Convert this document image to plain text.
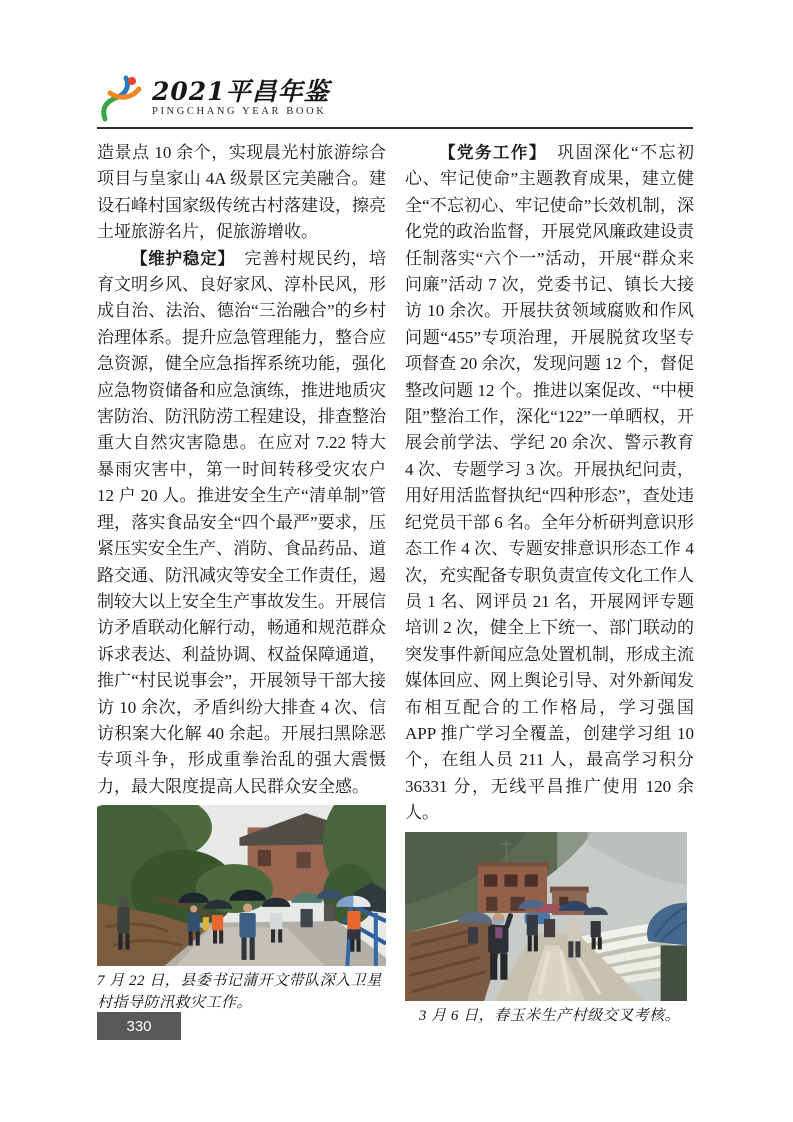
2021平昌年鉴
PINGCHANG YEAR BOOK

造景点 10 余个，实现晨光村旅游综合项目与皇家山 4A 级景区完美融合。建设石峰村国家级传统古村落建设，擦亮土垭旅游名片，促旅游增收。

【维护稳定】　完善村规民约，培育文明乡风、良好家风、淳朴民风，形成自治、法治、德治“三治融合”的乡村治理体系。提升应急管理能力，整合应急资源，健全应急指挥系统功能，强化应急物资储备和应急演练，推进地质灾害防治、防汛防涝工程建设，排查整治重大自然灾害隐患。在应对 7.22 特大暴雨灾害中，第一时间转移受灾农户 12 户 20 人。推进安全生产“清单制”管理，落实食品安全“四个最严”要求，压紧压实安全生产、消防、食品药品、道路交通、防汛减灾等安全工作责任，遏制较大以上安全生产事故发生。开展信访矛盾联动化解行动，畅通和规范群众诉求表达、利益协调、权益保障通道，推广“村民说事会”，开展领导干部大接访 10 余次，矛盾纠纷大排查 4 次、信访积案大化解 40 余起。开展扫黑除恶专项斗争，形成重拳治乱的强大震慑力，最大限度提高人民群众安全感。

7 月 22 日，县委书记蒲开文带队深入卫星村指导防汛救灾工作。

【党务工作】　巩固深化“不忘初心、牢记使命”主题教育成果，建立健全“不忘初心、牢记使命”长效机制，深化党的政治监督，开展党风廉政建设责任制落实“六个一”活动，开展“群众来问廉”活动 7 次，党委书记、镇长大接访 10 余次。开展扶贫领域腐败和作风问题“455”专项治理，开展脱贫攻坚专项督查 20 余次，发现问题 12 个，督促整改问题 12 个。推进以案促改、“中梗阻”整治工作，深化“122”一单晒权，开展会前学法、学纪 20 余次、警示教育 4 次、专题学习 3 次。开展执纪问责，用好用活监督执纪“四种形态”，查处违纪党员干部 6 名。全年分析研判意识形态工作 4 次、专题安排意识形态工作 4 次，充实配备专职负责宣传文化工作人员 1 名、网评员 21 名，开展网评专题培训 2 次，健全上下统一、部门联动的突发事件新闻应急处置机制，形成主流媒体回应、网上舆论引导、对外新闻发布相互配合的工作格局，学习强国 APP 推广学习全覆盖，创建学习组 10 个，在组人员 211 人，最高学习积分 36331 分，无线平昌推广使用 120 余人。

3 月 6 日，春玉米生产村级交叉考核。
330
